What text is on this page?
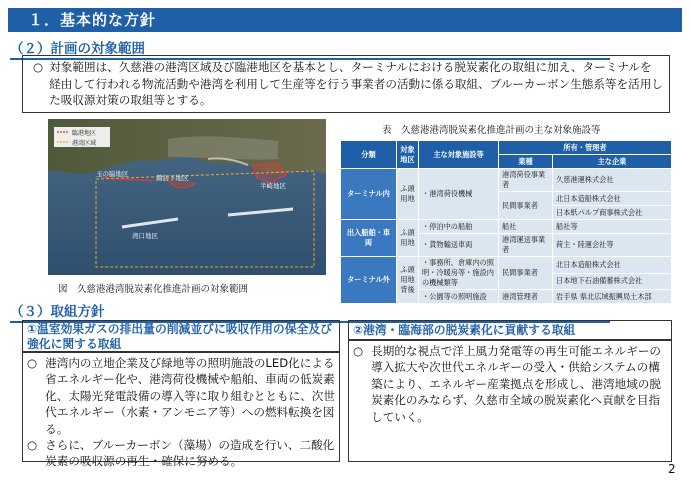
１．基本的な方針
（２）計画の対象範囲
○ 対象範囲は、久慈港の港湾区域及び臨港地区を基本とし、ターミナルにおける脱炭素化の取組に加え、ターミナルを経由して行われる物流活動や港湾を利用して生産等を行う事業者の活動に係る取組、ブルーカーボン生態系等を活用した吸収源対策の取組等とする。
臨港地区
港湾区域
玉の脇地区	諏訪下地区
半崎地区
湾口地区
図　久慈港港湾脱炭素化推進計画の対象範囲
表　久慈港港湾脱炭素化推進計画の主な対象施設等
分類	対象地区	主な対象施設等	所有・管理者	
			業種	主な企業
ターミナル内	ふ頭用地	・港湾荷役機械	港湾荷役事業者	久慈港運株式会社
			民間事業者	北日本造船株式会社
				日本紙パルプ商事株式会社
出入船舶・車両	ふ頭用地	・停泊中の船舶	船社	船社等
		・貨物輸送車両	港湾運送事業者	荷主・陸運会社等
ターミナル外	ふ頭用地背後	・事務所、倉庫内の照明・冷暖房等・施設内の機械類等	民間事業者	北日本造船株式会社
				日本地下石油備蓄株式会社
		・公園等の照明施設	港湾管理者	岩手県 県北広域振興局土木部
（３）取組方針
①温室効果ガスの排出量の削減並びに吸収作用の保全及び強化に関する取組
○ 港湾内の立地企業及び緑地等の照明施設のLED化による省エネルギー化や、港湾荷役機械や船舶、車両の低炭素化、太陽光発電設備の導入等に取り組むとともに、次世代エネルギー（水素・アンモニア等）への燃料転換を図る。
○ さらに、ブルーカーボン（藻場）の造成を行い、二酸化炭素の吸収源の再生・確保に努める。
②港湾・臨海部の脱炭素化に貢献する取組
○ 長期的な視点で洋上風力発電等の再生可能エネルギーの導入拡大や次世代エネルギーの受入・供給システムの構築により、エネルギー産業拠点を形成し、港湾地域の脱炭素化のみならず、久慈市全域の脱炭素化へ貢献を目指していく。
2
